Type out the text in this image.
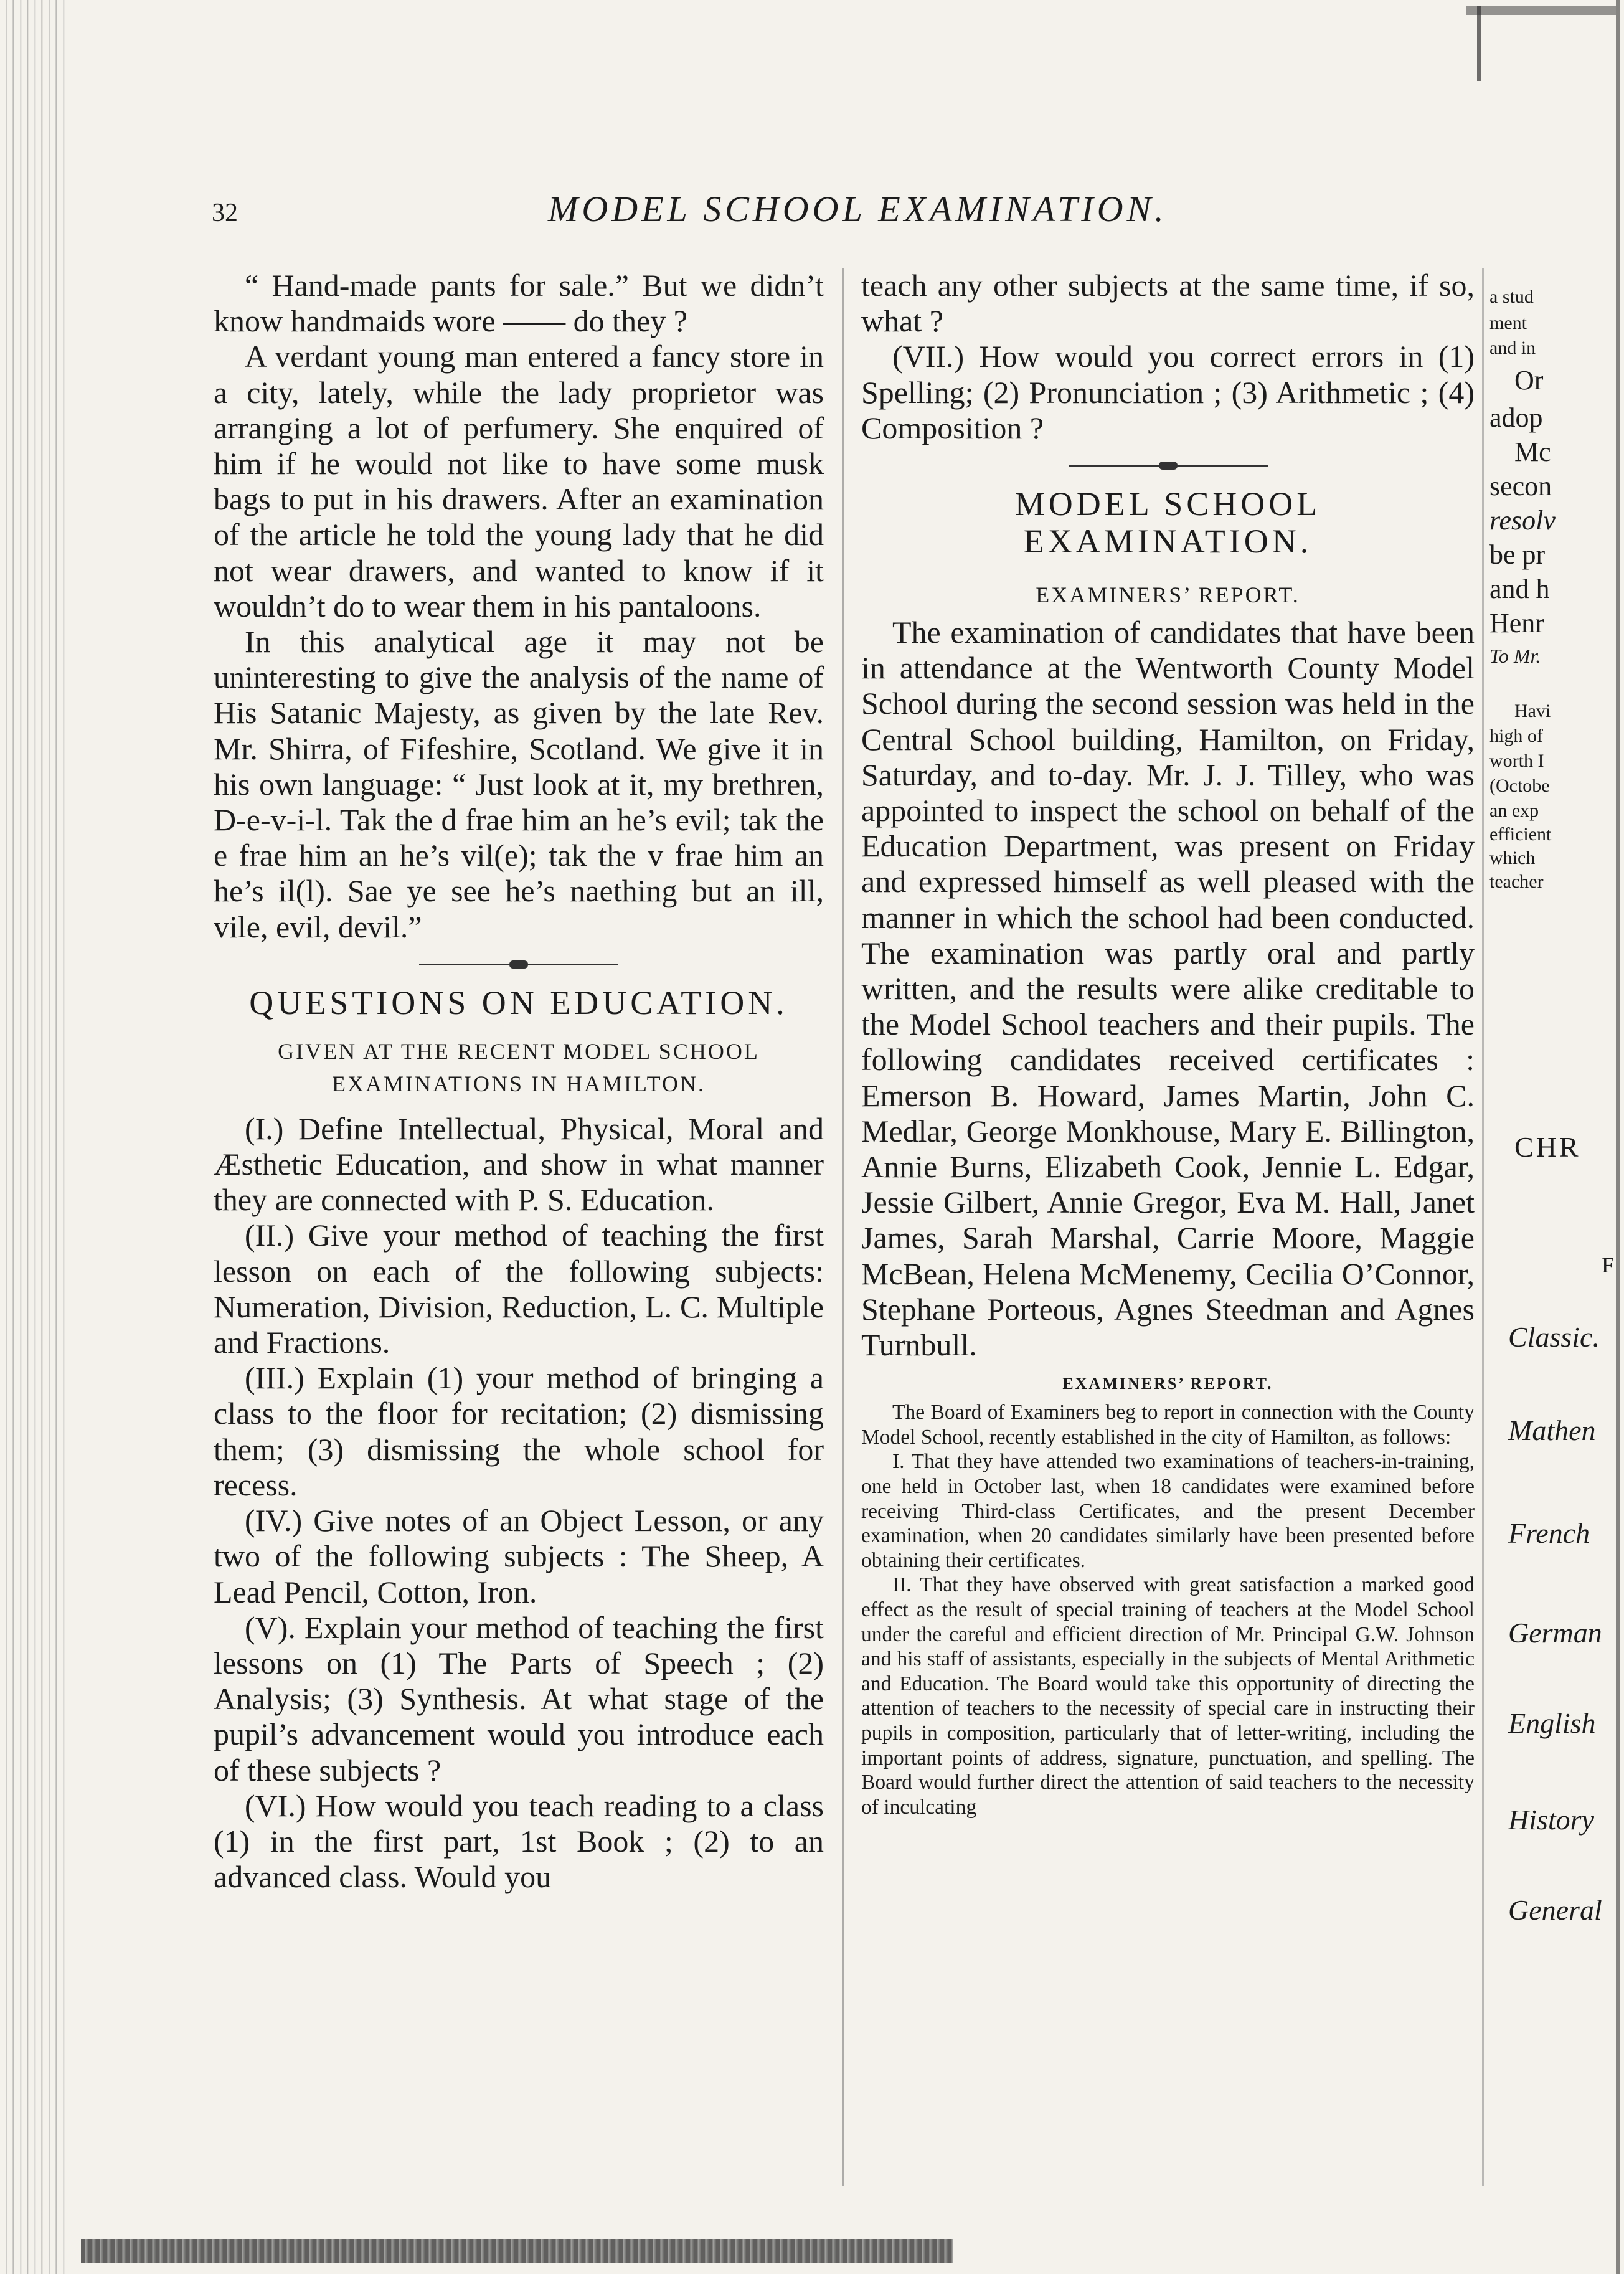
32	MODEL SCHOOL EXAMINATION.

“ Hand-made pants for sale.” But we didn’t know handmaids wore —— do they ?

A verdant young man entered a fancy store in a city, lately, while the lady proprietor was arranging a lot of perfumery. She enquired of him if he would not like to have some musk bags to put in his drawers. After an examination of the article he told the young lady that he did not wear drawers, and wanted to know if it wouldn’t do to wear them in his pantaloons.

In this analytical age it may not be uninteresting to give the analysis of the name of His Satanic Majesty, as given by the late Rev. Mr. Shirra, of Fifeshire, Scotland. We give it in his own language: “ Just look at it, my brethren, D-e-v-i-l. Tak the d frae him an he’s evil; tak the e frae him an he’s vil(e); tak the v frae him an he’s il(l). Sae ye see he’s naething but an ill, vile, evil, devil.”

QUESTIONS ON EDUCATION.

GIVEN AT THE RECENT MODEL SCHOOL EXAMINATIONS IN HAMILTON.

(I.) Define Intellectual, Physical, Moral and Æsthetic Education, and show in what manner they are connected with P. S. Education.

(II.) Give your method of teaching the first lesson on each of the following subjects: Numeration, Division, Reduction, L. C. Multiple and Fractions.

(III.) Explain (1) your method of bringing a class to the floor for recitation; (2) dismissing them; (3) dismissing the whole school for recess.

(IV.) Give notes of an Object Lesson, or any two of the following subjects : The Sheep, A Lead Pencil, Cotton, Iron.

(V). Explain your method of teaching the first lessons on (1) The Parts of Speech ; (2) Analysis; (3) Synthesis. At what stage of the pupil’s advancement would you introduce each of these subjects ?

(VI.) How would you teach reading to a class (1) in the first part, 1st Book ; (2) to an advanced class. Would you

teach any other subjects at the same time, if so, what ?

(VII.) How would you correct errors in (1) Spelling; (2) Pronunciation ; (3) Arithmetic ; (4) Composition ?

MODEL SCHOOL EXAMINATION.

EXAMINERS’ REPORT.

The examination of candidates that have been in attendance at the Wentworth County Model School during the second session was held in the Central School building, Hamilton, on Friday, Saturday, and to-day. Mr. J. J. Tilley, who was appointed to inspect the school on behalf of the Education Department, was present on Friday and expressed himself as well pleased with the manner in which the school had been conducted. The examination was partly oral and partly written, and the results were alike creditable to the Model School teachers and their pupils. The following candidates received certificates : Emerson B. Howard, James Martin, John C. Medlar, George Monkhouse, Mary E. Billington, Annie Burns, Elizabeth Cook, Jennie L. Edgar, Jessie Gilbert, Annie Gregor, Eva M. Hall, Janet James, Sarah Marshal, Carrie Moore, Maggie McBean, Helena McMenemy, Cecilia O’Connor, Stephane Porteous, Agnes Steedman and Agnes Turnbull.

EXAMINERS’ REPORT.

The Board of Examiners beg to report in connection with the County Model School, recently established in the city of Hamilton, as follows:

I. That they have attended two examinations of teachers-in-training, one held in October last, when 18 candidates were examined before receiving Third-class Certificates, and the present December examination, when 20 candidates similarly have been presented before obtaining their certificates.

II. That they have observed with great satisfaction a marked good effect as the result of special training of teachers at the Model School under the careful and efficient direction of Mr. Principal G.W. Johnson and his staff of assistants, especially in the subjects of Mental Arithmetic and Education. The Board would take this opportunity of directing the attention of teachers to the necessity of special care in instructing their pupils in composition, particularly that of letter-writing, including the important points of address, signature, punctuation, and spelling. The Board would further direct the attention of said teachers to the necessity of inculcating

a stud
ment
and in
Or
adop
Mc
secon
resolv
be pr
and h
Henr
To Mr.
Havi
high of
worth I
(Octobe
an exp
efficient
which
teacher
CHR
F
Classic.
Mathen
French
German
English
History
General
